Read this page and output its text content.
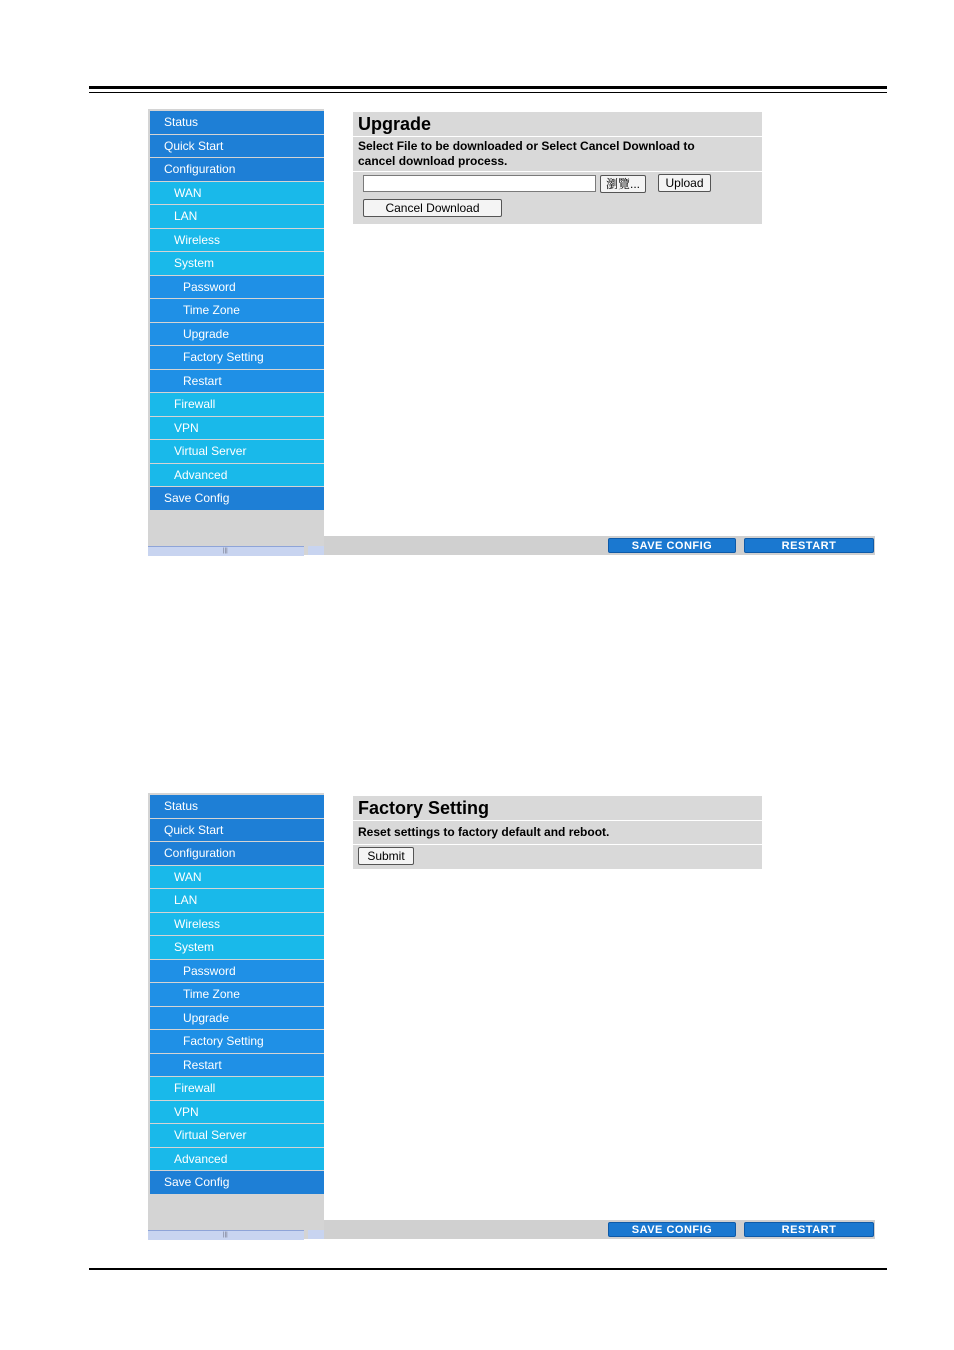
Status
Quick Start
Configuration
WAN
LAN
Wireless
System
Password
Time Zone
Upgrade
Factory Setting
Restart
Firewall
VPN
Virtual Server
Advanced
Save Config
|||	SAVE CONFIG	RESTART
Upgrade
Select File to be downloaded or Select Cancel Download to
cancel download process.
瀏覽...	Upload
Cancel Download
Status
Quick Start
Configuration
WAN
LAN
Wireless
System
Password
Time Zone
Upgrade
Factory Setting
Restart
Firewall
VPN
Virtual Server
Advanced
Save Config
|||	SAVE CONFIG	RESTART
Factory Setting
Reset settings to factory default and reboot.
Submit
